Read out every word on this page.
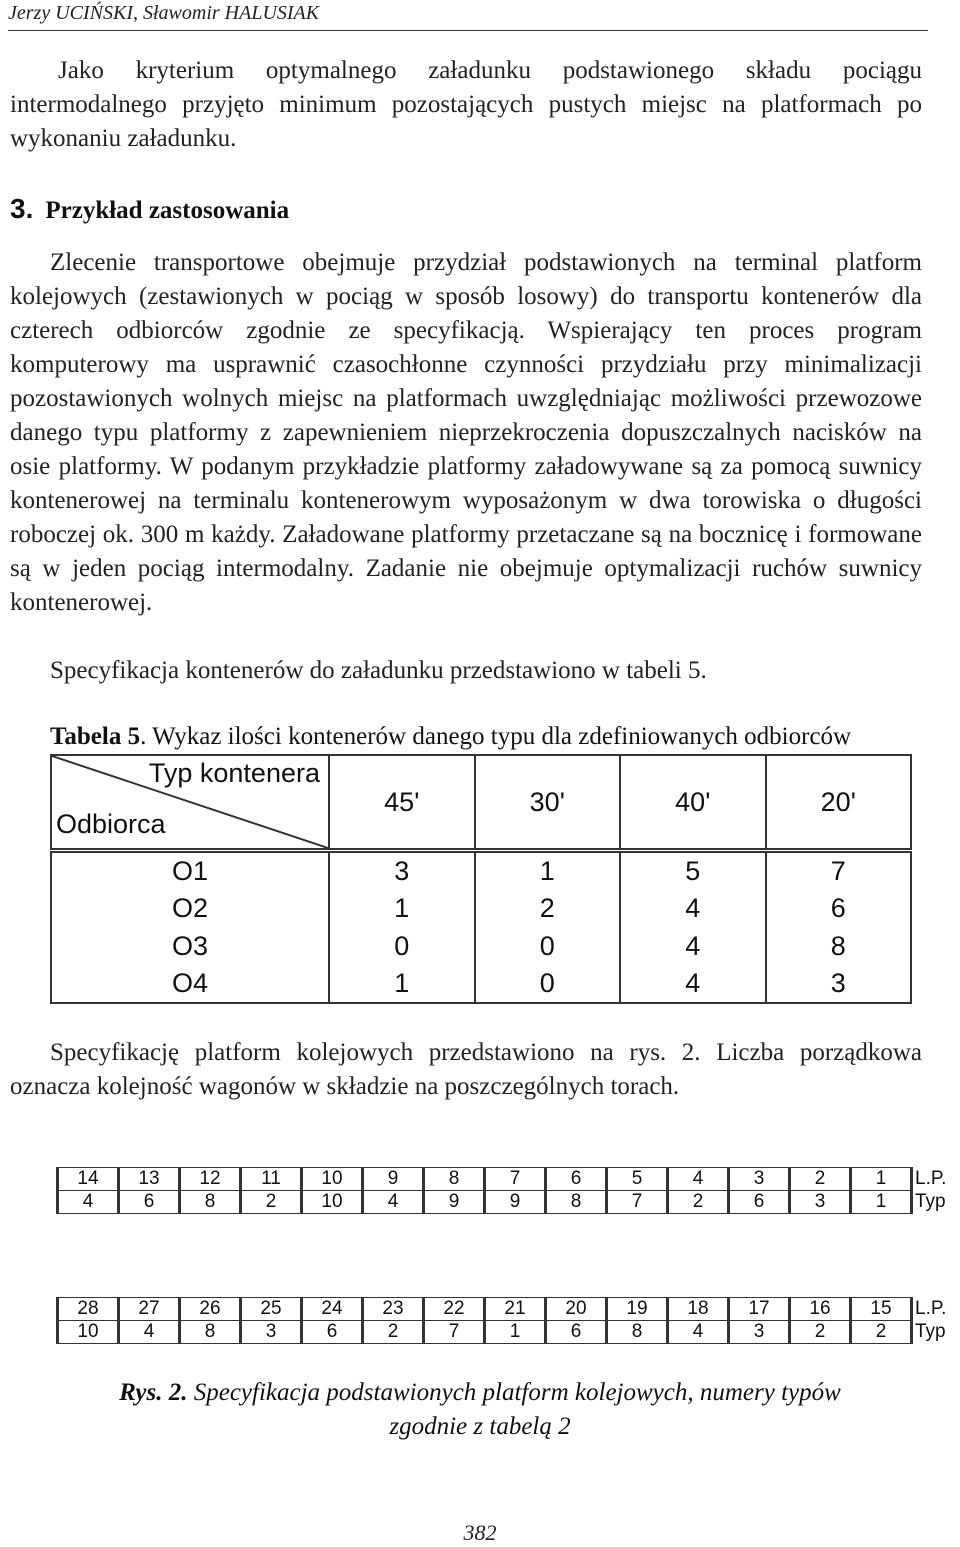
Jerzy UCIŃSKI, Sławomir HALUSIAK

Jako kryterium optymalnego załadunku podstawionego składu pociągu intermodalnego przyjęto minimum pozostających pustych miejsc na platformach po wykonaniu załadunku.

3. Przykład zastosowania

Zlecenie transportowe obejmuje przydział podstawionych na terminal platform kolejowych (zestawionych w pociąg w sposób losowy) do transportu kontenerów dla czterech odbiorców zgodnie ze specyfikacją. Wspierający ten proces program komputerowy ma usprawnić czasochłonne czynności przydziału przy minimalizacji pozostawionych wolnych miejsc na platformach uwzględniając możliwości przewozowe danego typu platformy z zapewnieniem nieprzekroczenia dopuszczalnych nacisków na osie platformy. W podanym przykładzie platformy załadowywane są za pomocą suwnicy kontenerowej na terminalu kontenerowym wyposażonym w dwa torowiska o długości roboczej ok. 300 m każdy. Załadowane platformy przetaczane są na bocznicę i formowane są w jeden pociąg intermodalny. Zadanie nie obejmuje optymalizacji ruchów suwnicy kontenerowej.

Specyfikacja kontenerów do załadunku przedstawiono w tabeli 5.

Tabela 5. Wykaz ilości kontenerów danego typu dla zdefiniowanych odbiorców
Typ kontenera
Odbiorca	45'	30'	40'	20'
O1	3	1	5	7
O2	1	2	4	6
O3	0	0	4	8
O4	1	0	4	3

Specyfikację platform kolejowych przedstawiono na rys. 2. Liczba porządkowa oznacza kolejność wagonów w składzie na poszczególnych torach.

14	13	12	11	10	9	8	7	6	5	4	3	2	1	L.P.
4	6	8	2	10	4	9	9	8	7	2	6	3	1	Typ
28	27	26	25	24	23	22	21	20	19	18	17	16	15	L.P.
10	4	8	3	6	2	7	1	6	8	4	3	2	2	Typ
Rys. 2. Specyfikacja podstawionych platform kolejowych, numery typów
zgodnie z tabelą 2
382
